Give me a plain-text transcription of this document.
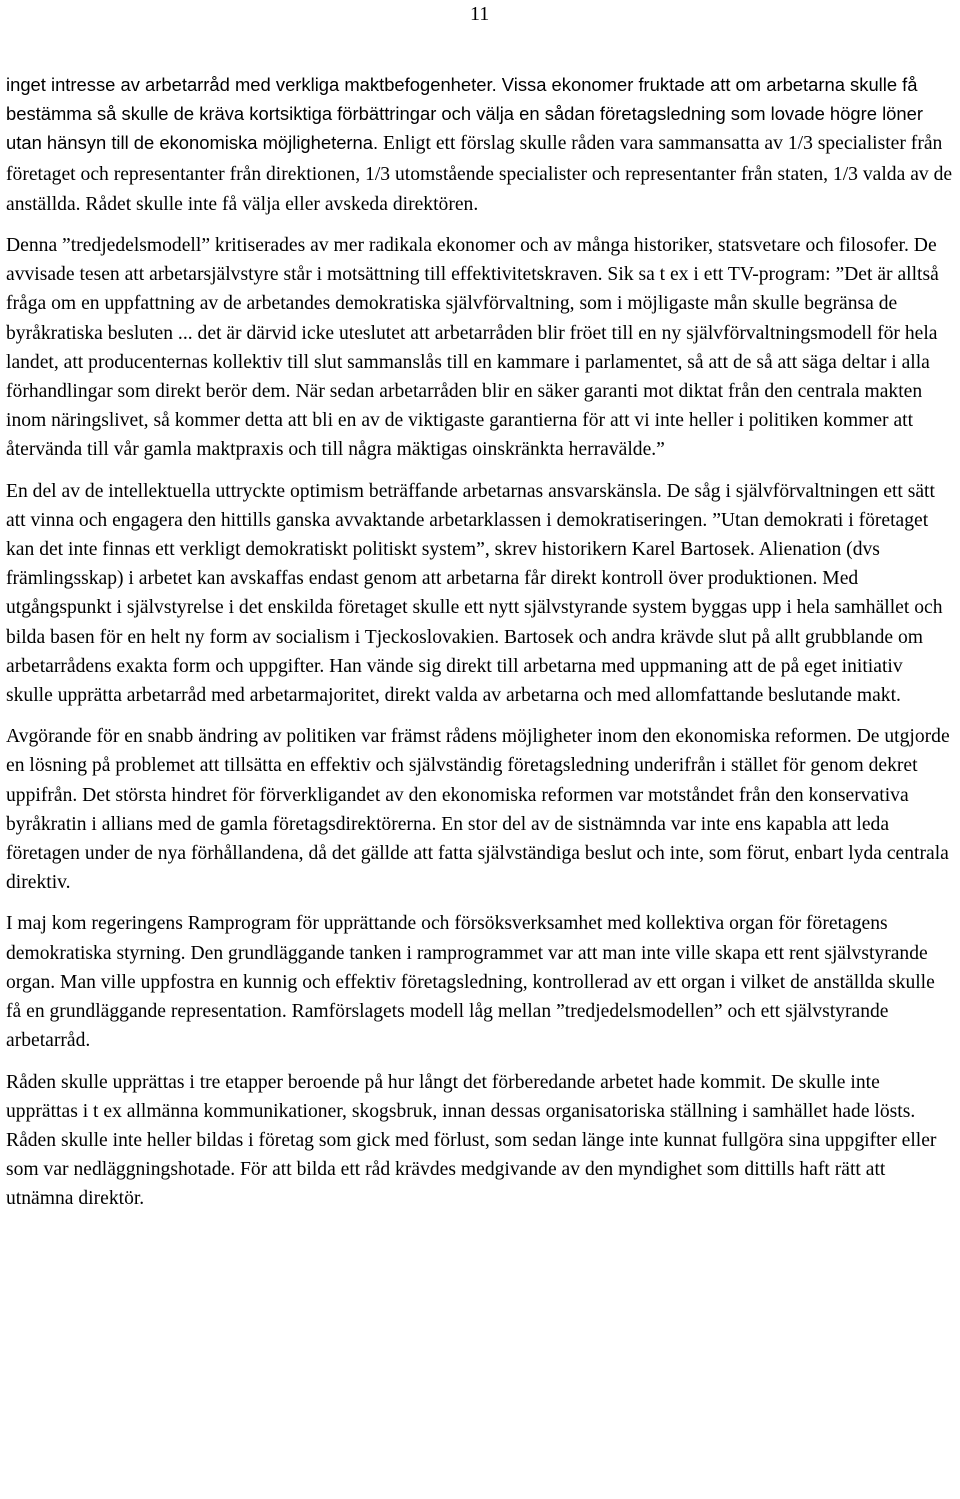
11

inget intresse av arbetarråd med verkliga maktbefogenheter. Vissa ekonomer fruktade att om arbetarna skulle få bestämma så skulle de kräva kortsiktiga förbättringar och välja en sådan företagsledning som lovade högre löner utan hänsyn till de ekonomiska möjligheterna. Enligt ett förslag skulle råden vara sammansatta av 1/3 specialister från företaget och representanter från direktionen, 1/3 utomstående specialister och representanter från staten, 1/3 valda av de anställda. Rådet skulle inte få välja eller avskeda direktören.

Denna ”tredjedelsmodell” kritiserades av mer radikala ekonomer och av många historiker, statsvetare och filosofer. De avvisade tesen att arbetarsjälvstyre står i motsättning till effektivitetskraven. Sik sa t ex i ett TV-program: ”Det är alltså fråga om en uppfattning av de arbetandes demokratiska självförvaltning, som i möjligaste mån skulle begränsa de byråkratiska besluten ... det är därvid icke uteslutet att arbetarråden blir fröet till en ny självförvaltningsmodell för hela landet, att producenternas kollektiv till slut sammanslås till en kammare i parlamentet, så att de så att säga deltar i alla förhandlingar som direkt berör dem. När sedan arbetarråden blir en säker garanti mot diktat från den centrala makten inom näringslivet, så kommer detta att bli en av de viktigaste garantierna för att vi inte heller i politiken kommer att återvända till vår gamla maktpraxis och till några mäktigas oinskränkta herravälde.”

En del av de intellektuella uttryckte optimism beträffande arbetarnas ansvarskänsla. De såg i självförvaltningen ett sätt att vinna och engagera den hittills ganska avvaktande arbetarklassen i demokratiseringen. ”Utan demokrati i företaget kan det inte finnas ett verkligt demokratiskt politiskt system”, skrev historikern Karel Bartosek. Alienation (dvs främlingsskap) i arbetet kan avskaffas endast genom att arbetarna får direkt kontroll över produktionen. Med utgångspunkt i självstyrelse i det enskilda företaget skulle ett nytt självstyrande system byggas upp i hela samhället och bilda basen för en helt ny form av socialism i Tjeckoslovakien. Bartosek och andra krävde slut på allt grubblande om arbetarrådens exakta form och uppgifter. Han vände sig direkt till arbetarna med uppmaning att de på eget initiativ skulle upprätta arbetarråd med arbetarmajoritet, direkt valda av arbetarna och med allomfattande beslutande makt.

Avgörande för en snabb ändring av politiken var främst rådens möjligheter inom den ekonomiska reformen. De utgjorde en lösning på problemet att tillsätta en effektiv och självständig företagsledning underifrån i stället för genom dekret uppifrån. Det största hindret för förverkligandet av den ekonomiska reformen var motståndet från den konservativa byråkratin i allians med de gamla företagsdirektörerna. En stor del av de sistnämnda var inte ens kapabla att leda företagen under de nya förhållandena, då det gällde att fatta självständiga beslut och inte, som förut, enbart lyda centrala direktiv.

I maj kom regeringens Ramprogram för upprättande och försöksverksamhet med kollektiva organ för företagens demokratiska styrning. Den grundläggande tanken i ramprogrammet var att man inte ville skapa ett rent självstyrande organ. Man ville uppfostra en kunnig och effektiv företagsledning, kontrollerad av ett organ i vilket de anställda skulle få en grundläggande representation. Ramförslagets modell låg mellan ”tredjedelsmodellen” och ett självstyrande arbetarråd.

Råden skulle upprättas i tre etapper beroende på hur långt det förberedande arbetet hade kommit. De skulle inte upprättas i t ex allmänna kommunikationer, skogsbruk, innan dessas organisatoriska ställning i samhället hade lösts. Råden skulle inte heller bildas i företag som gick med förlust, som sedan länge inte kunnat fullgöra sina uppgifter eller som var nedläggningshotade. För att bilda ett råd krävdes medgivande av den myndighet som dittills haft rätt att utnämna direktör.
